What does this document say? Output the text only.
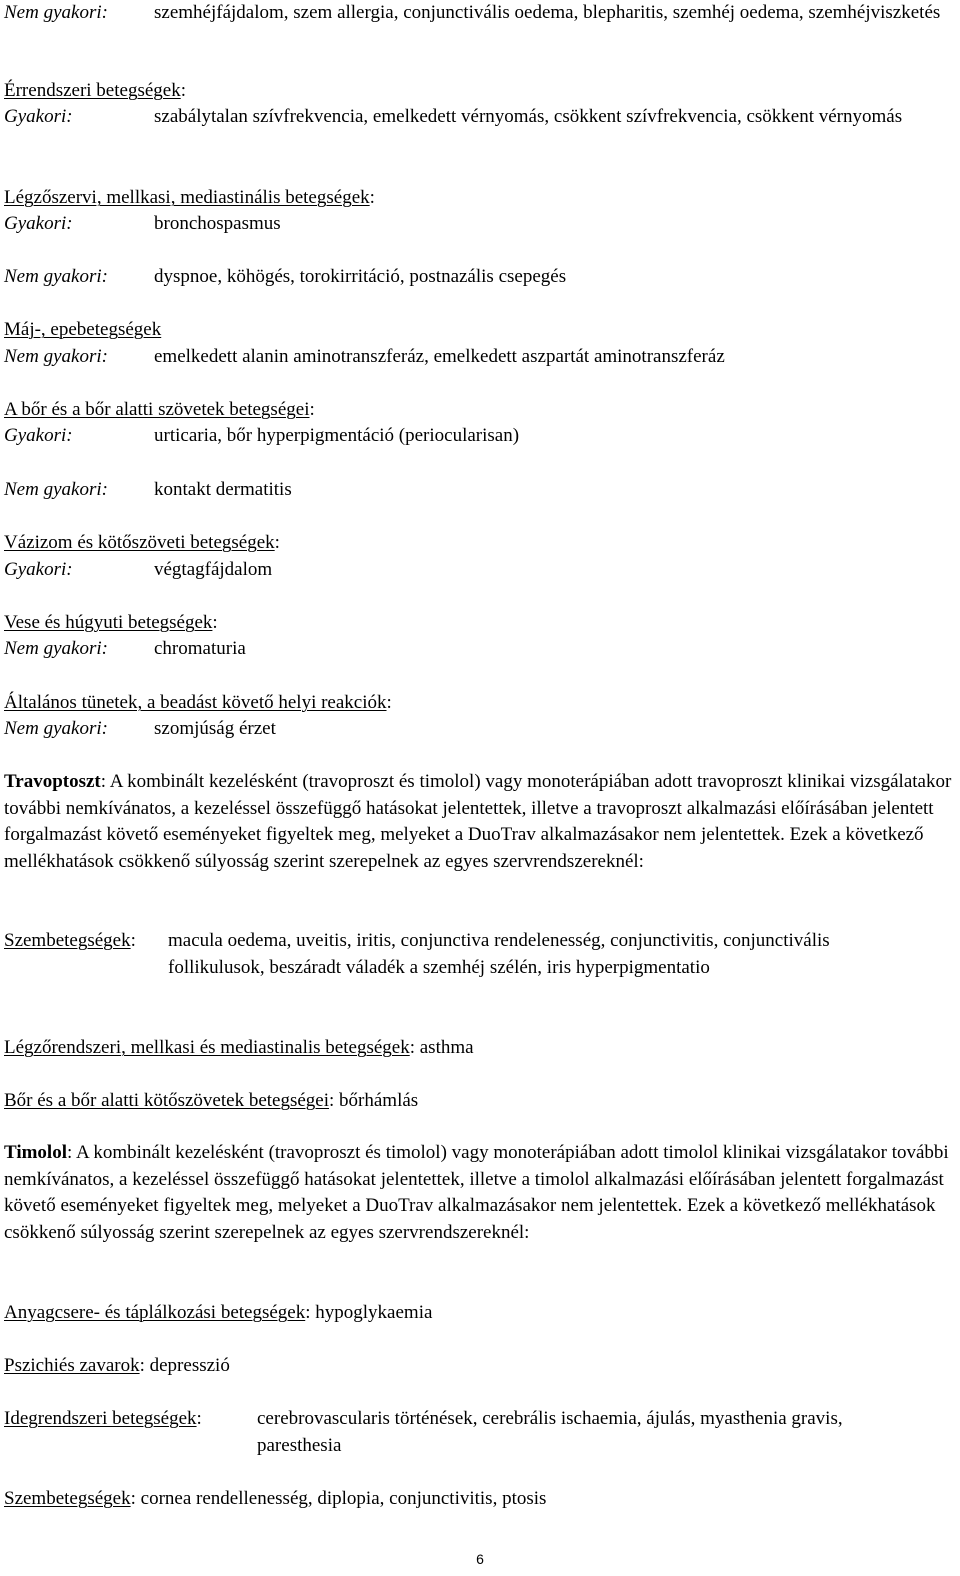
Nem gyakori: szemhéjfájdalom, szem allergia, conjunctivális oedema, blepharitis, szemhéj oedema, szemhéjviszketés
Érrendszeri betegségek:
Gyakori:	szabálytalan szívfrekvencia, emelkedett vérnyomás, csökkent szívfrekvencia, csökkent vérnyomás
Légzőszervi, mellkasi, mediastinális betegségek:
Gyakori:	bronchospasmus
Nem gyakori: dyspnoe, köhögés, torokirritáció, postnazális csepegés
Máj-, epebetegségek
Nem gyakori: emelkedett alanin aminotranszferáz, emelkedett aszpartát aminotranszferáz
A bőr és a bőr alatti szövetek betegségei:
Gyakori:	urticaria, bőr hyperpigmentáció (periocularisan)
Nem gyakori: kontakt dermatitis
Vázizom és kötőszöveti betegségek:
Gyakori:	végtagfájdalom
Vese és húgyuti betegségek:
Nem gyakori: chromaturia
Általános tünetek, a beadást követő helyi reakciók:
Nem gyakori: szomjúság érzet
Travoptoszt: A kombinált kezelésként (travoproszt és timolol) vagy monoterápiában adott travoproszt klinikai vizsgálatakor további nemkívánatos, a kezeléssel összefüggő hatásokat jelentettek, illetve a travoproszt alkalmazási előírásában jelentett forgalmazást követő eseményeket figyeltek meg, melyeket a DuoTrav alkalmazásakor nem jelentettek. Ezek a következő mellékhatások csökkenő súlyosság szerint szerepelnek az egyes szervrendszereknél:
Szembetegségek: macula oedema, uveitis, iritis, conjunctiva rendelenesség, conjunctivitis, conjunctivális follikulusok, beszáradt váladék a szemhéj szélén, iris hyperpigmentatio
Légzőrendszeri, mellkasi és mediastinalis betegségek: asthma
Bőr és a bőr alatti kötőszövetek betegségei: bőrhámlás
Timolol: A kombinált kezelésként (travoproszt és timolol) vagy monoterápiában adott timolol klinikai vizsgálatakor további nemkívánatos, a kezeléssel összefüggő hatásokat jelentettek, illetve a timolol alkalmazási előírásában jelentett forgalmazást követő eseményeket figyeltek meg, melyeket a DuoTrav alkalmazásakor nem jelentettek. Ezek a következő mellékhatások csökkenő súlyosság szerint szerepelnek az egyes szervrendszereknél:
Anyagcsere- és táplálkozási betegségek: hypoglykaemia
Pszichiés zavarok: depresszió
Idegrendszeri betegségek:	cerebrovascularis történések, cerebrális ischaemia, ájulás, myasthenia gravis, paresthesia
Szembetegségek: cornea rendellenesség, diplopia, conjunctivitis, ptosis
6
